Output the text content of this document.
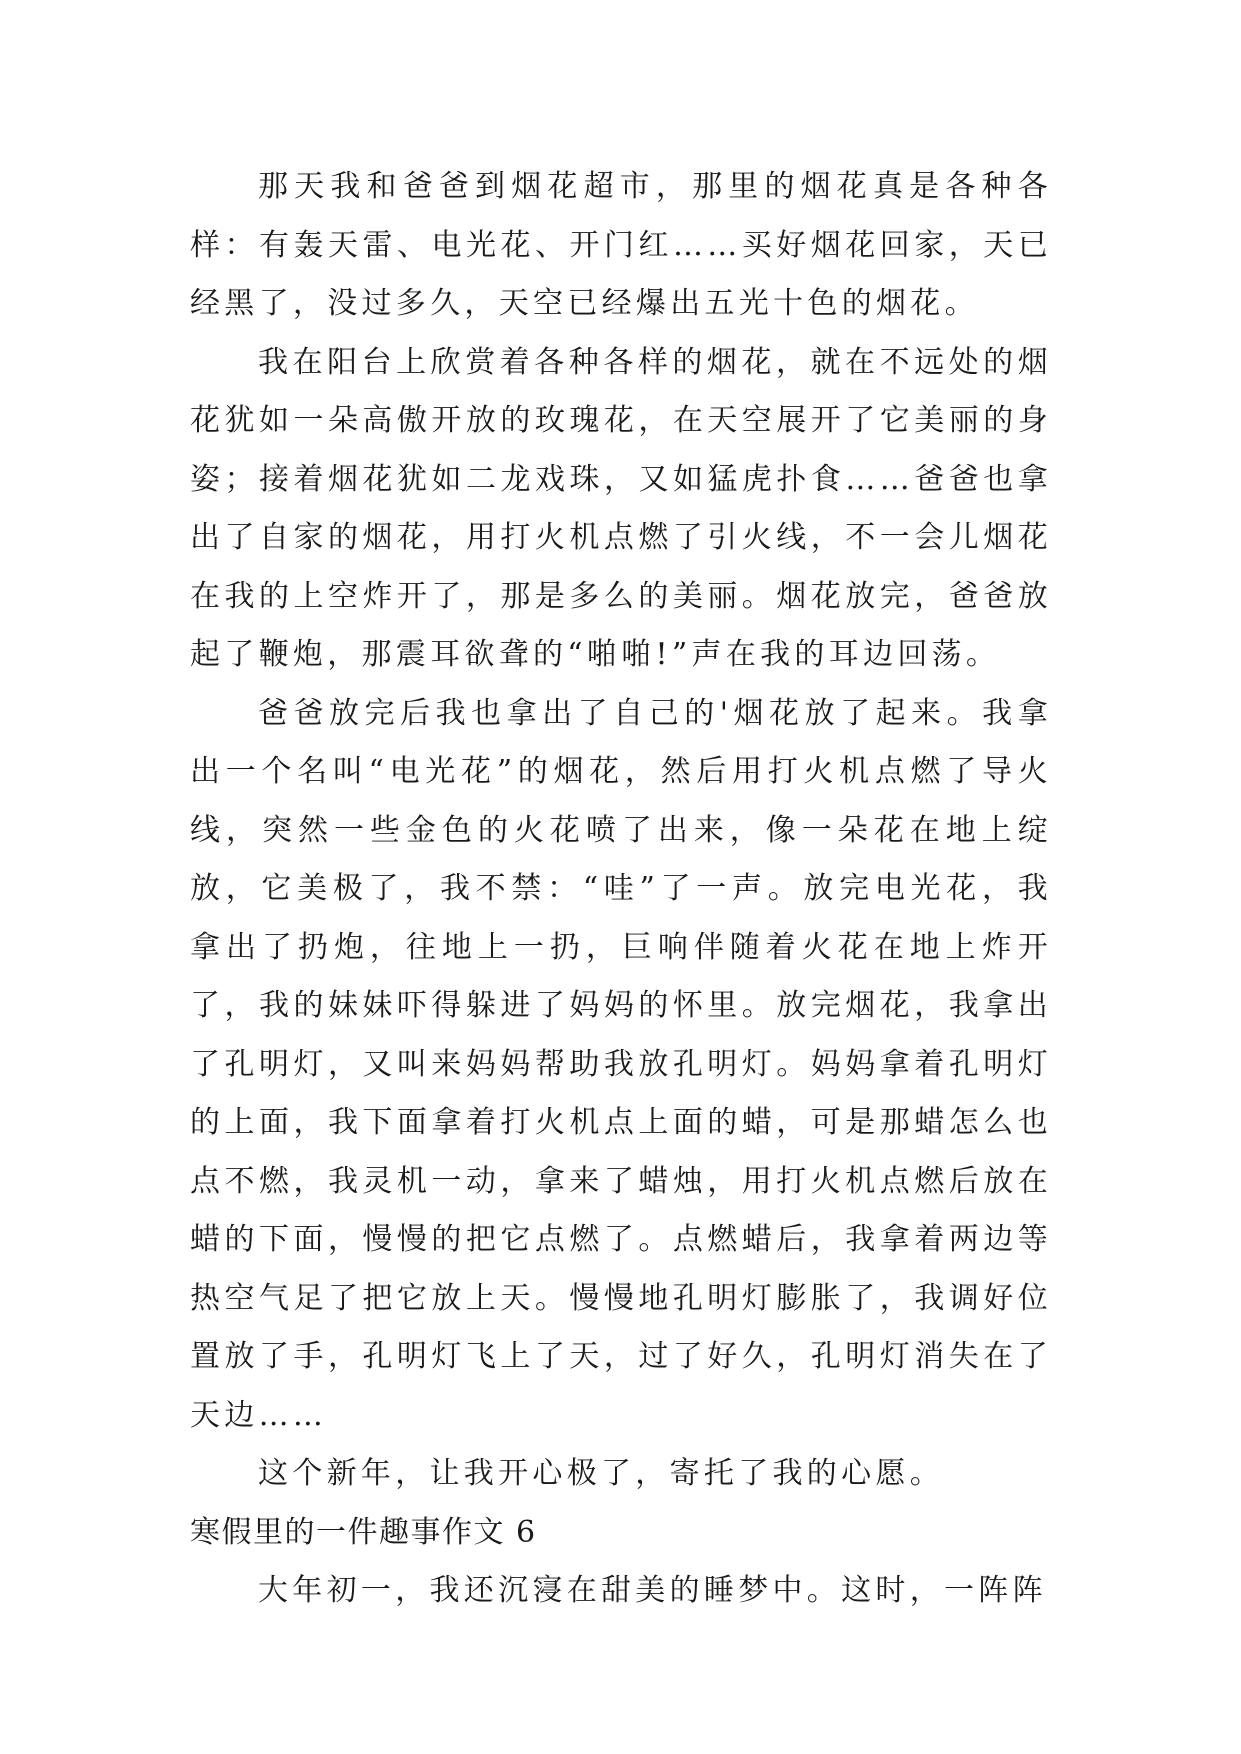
那天我和爸爸到烟花超市，那里的烟花真是各种各样：有轰天雷、电光花、开门红……买好烟花回家，天已经黑了，没过多久，天空已经爆出五光十色的烟花。

我在阳台上欣赏着各种各样的烟花，就在不远处的烟花犹如一朵高傲开放的玫瑰花，在天空展开了它美丽的身姿；接着烟花犹如二龙戏珠，又如猛虎扑食……爸爸也拿出了自家的烟花，用打火机点燃了引火线，不一会儿烟花在我的上空炸开了，那是多么的美丽。烟花放完，爸爸放起了鞭炮，那震耳欲聋的“啪啪!”声在我的耳边回荡。

爸爸放完后我也拿出了自己的'烟花放了起来。我拿出一个名叫“电光花”的烟花，然后用打火机点燃了导火线，突然一些金色的火花喷了出来，像一朵花在地上绽放，它美极了，我不禁：“哇”了一声。放完电光花，我拿出了扔炮，往地上一扔，巨响伴随着火花在地上炸开了，我的妹妹吓得躲进了妈妈的怀里。放完烟花，我拿出了孔明灯，又叫来妈妈帮助我放孔明灯。妈妈拿着孔明灯的上面，我下面拿着打火机点上面的蜡，可是那蜡怎么也点不燃，我灵机一动，拿来了蜡烛，用打火机点燃后放在蜡的下面，慢慢的把它点燃了。点燃蜡后，我拿着两边等热空气足了把它放上天。慢慢地孔明灯膨胀了，我调好位置放了手，孔明灯飞上了天，过了好久，孔明灯消失在了天边……

这个新年，让我开心极了，寄托了我的心愿。

寒假里的一件趣事作文 6

大年初一，我还沉寖在甜美的睡梦中。这时，一阵阵
